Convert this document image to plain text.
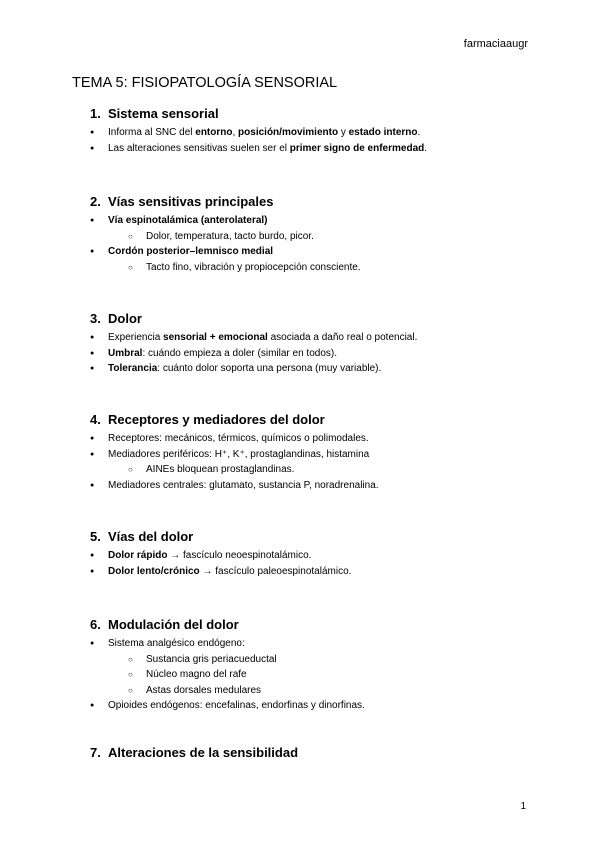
farmaciaaugr
TEMA 5: FISIOPATOLOGÍA SENSORIAL
1. Sistema sensorial
● Informa al SNC del entorno, posición/movimiento y estado interno.
● Las alteraciones sensitivas suelen ser el primer signo de enfermedad.
2. Vías sensitivas principales
● Vía espinotalámica (anterolateral)
○ Dolor, temperatura, tacto burdo, picor.
● Cordón posterior–lemnisco medial
○ Tacto fino, vibración y propiocepción consciente.
3. Dolor
● Experiencia sensorial + emocional asociada a daño real o potencial.
● Umbral: cuándo empieza a doler (similar en todos).
● Tolerancia: cuánto dolor soporta una persona (muy variable).
4. Receptores y mediadores del dolor
● Receptores: mecánicos, térmicos, químicos o polimodales.
● Mediadores periféricos: H⁺, K⁺, prostaglandinas, histamina
○ AINEs bloquean prostaglandinas.
● Mediadores centrales: glutamato, sustancia P, noradrenalina.
5. Vías del dolor
● Dolor rápido → fascículo neoespinotalámico.
● Dolor lento/crónico → fascículo paleoespinotalámico.
6. Modulación del dolor
● Sistema analgésico endógeno:
○ Sustancia gris periacueductal
○ Núcleo magno del rafe
○ Astas dorsales medulares
● Opioides endógenos: encefalinas, endorfinas y dinorfinas.
7. Alteraciones de la sensibilidad
1
